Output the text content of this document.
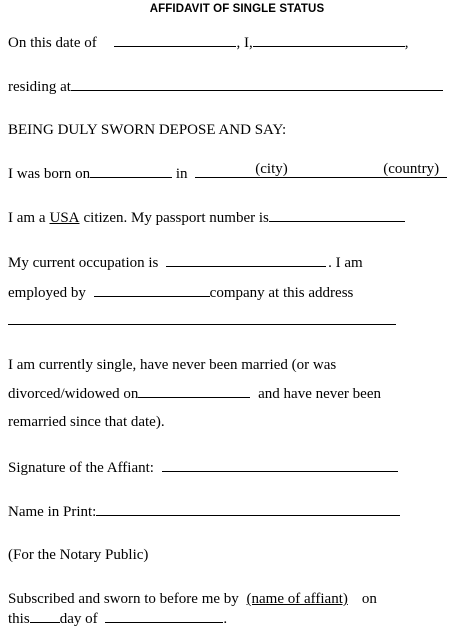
AFFIDAVIT OF SINGLE STATUS
On this date of	, I,	,
residing at
BEING DULY SWORN DEPOSE AND SAY:
I was born on	in	(city)	(country)
I am a USA citizen. My passport number is
My current occupation is	. I am
employed by	company at this address
I am currently single, have never been married (or was
divorced/widowed on	and have never been
remarried since that date).
Signature of the Affiant:
Name in Print:
(For the Notary Public)
Subscribed and sworn to before me by (name of affiant) on
this day of	.
